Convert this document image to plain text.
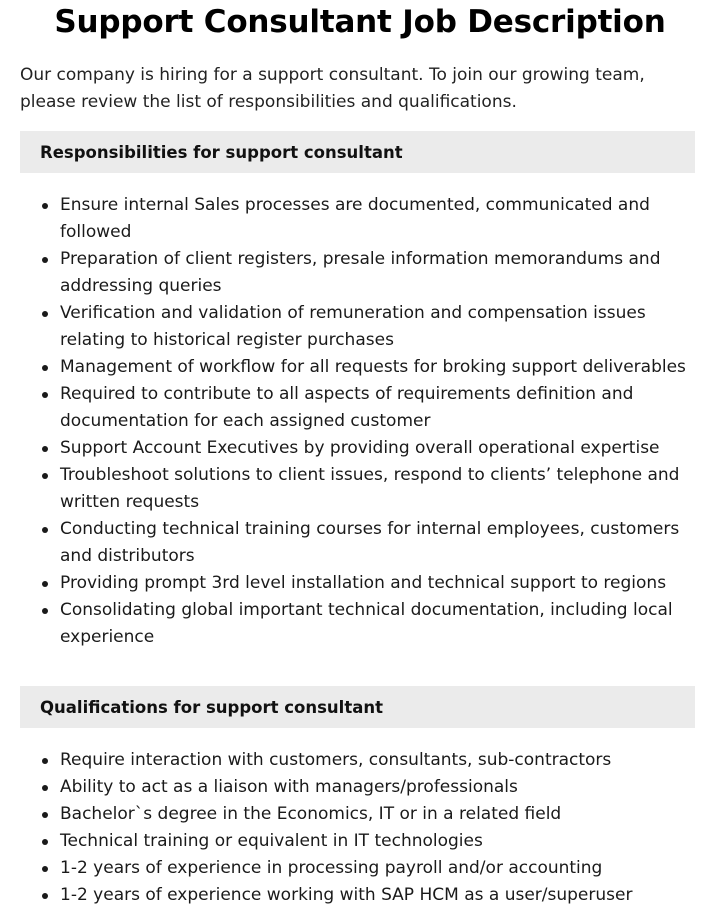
Support Consultant Job Description

Our company is hiring for a support consultant. To join our growing team, please review the list of responsibilities and qualifications.

Responsibilities for support consultant
Ensure internal Sales processes are documented, communicated and followed
Preparation of client registers, presale information memorandums and addressing queries
Verification and validation of remuneration and compensation issues relating to historical register purchases
Management of workflow for all requests for broking support deliverables
Required to contribute to all aspects of requirements definition and documentation for each assigned customer
Support Account Executives by providing overall operational expertise
Troubleshoot solutions to client issues, respond to clients’ telephone and written requests
Conducting technical training courses for internal employees, customers and distributors
Providing prompt 3rd level installation and technical support to regions
Consolidating global important technical documentation, including local experience
Qualifications for support consultant
Require interaction with customers, consultants, sub-contractors
Ability to act as a liaison with managers/professionals
Bachelor`s degree in the Economics, IT or in a related field
Technical training or equivalent in IT technologies
1-2 years of experience in processing payroll and/or accounting
1-2 years of experience working with SAP HCM as a user/superuser
